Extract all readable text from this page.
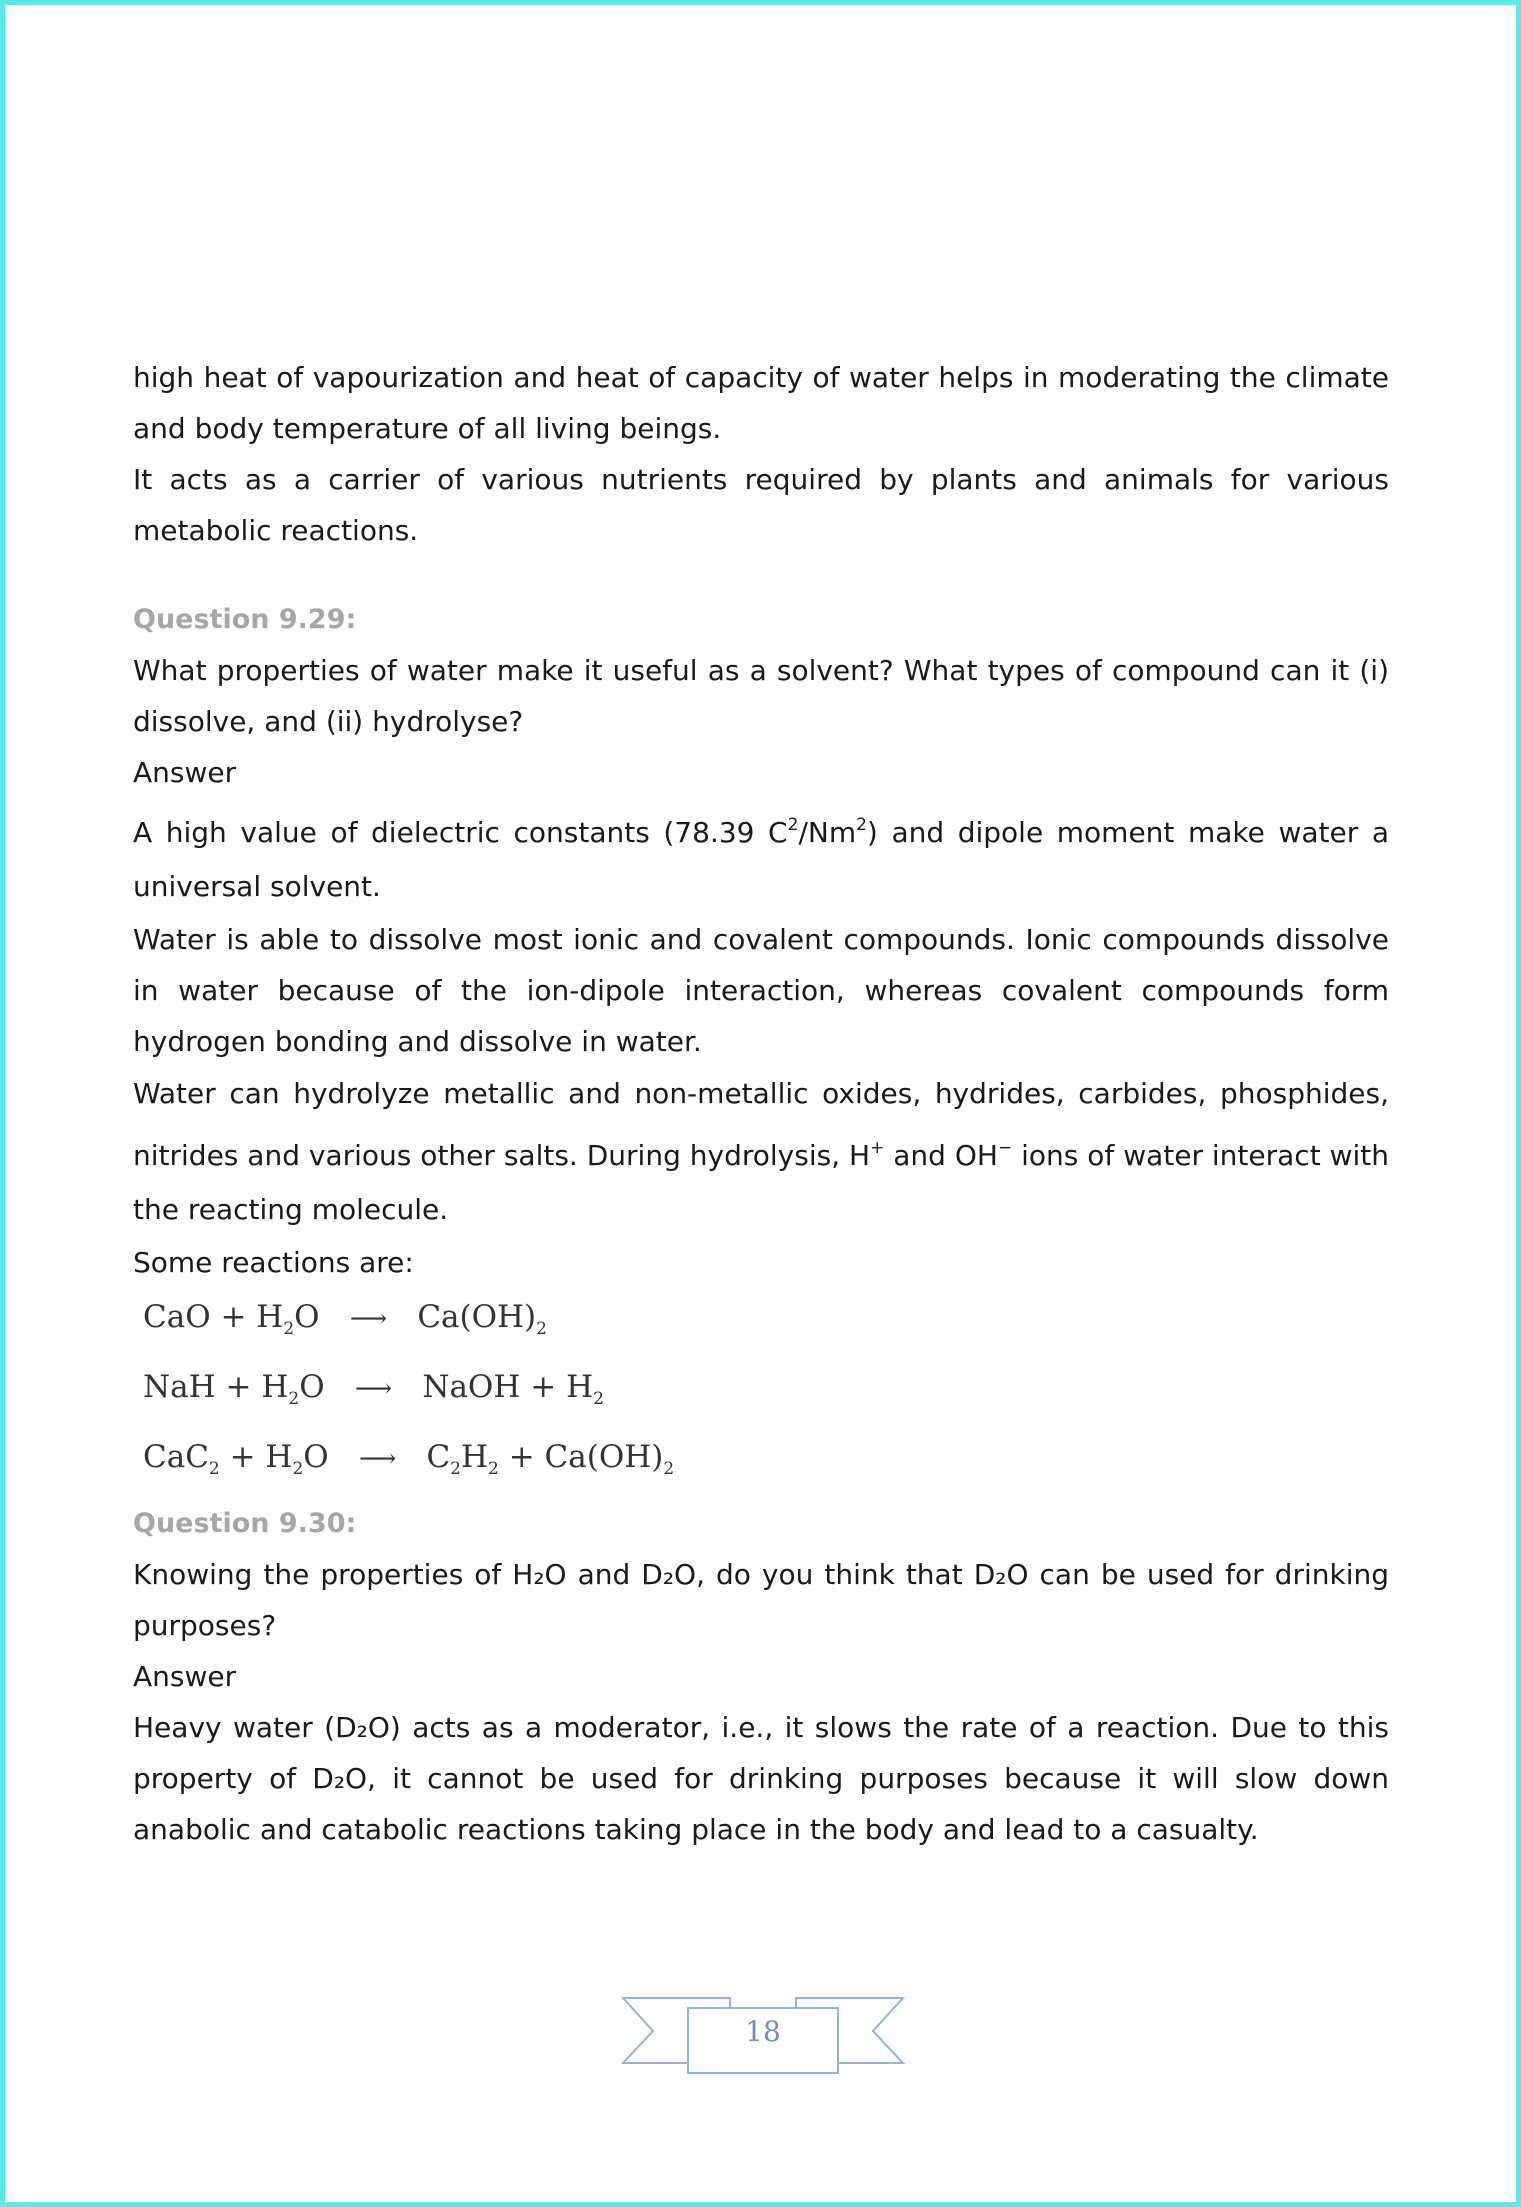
high heat of vapourization and heat of capacity of water helps in moderating the climate and body temperature of all living beings.

It acts as a carrier of various nutrients required by plants and animals for various metabolic reactions.

Question 9.29:

What properties of water make it useful as a solvent? What types of compound can it (i) dissolve, and (ii) hydrolyse?

Answer

A high value of dielectric constants (78.39 $C^2/Nm^2$) and dipole moment make water a universal solvent.

Water is able to dissolve most ionic and covalent compounds. Ionic compounds dissolve in water because of the ion-dipole interaction, whereas covalent compounds form hydrogen bonding and dissolve in water.

Water can hydrolyze metallic and non-metallic oxides, hydrides, carbides, phosphides, nitrides and various other salts. During hydrolysis, H+ and OH− ions of water interact with the reacting molecule.

Some reactions are:

CaO + $H_2O$ ⟶ $Ca(OH)_2$
NaH + $H_2O$ ⟶ NaOH + $H_2$
$CaC_2 + H_2O$ ⟶ $C_2H_2 + Ca(OH)_2$

Question 9.30:

Knowing the properties of H₂O and D₂O, do you think that D₂O can be used for drinking purposes?

Answer

Heavy water (D₂O) acts as a moderator, i.e., it slows the rate of a reaction. Due to this property of D₂O, it cannot be used for drinking purposes because it will slow down anabolic and catabolic reactions taking place in the body and lead to a casualty.

18
